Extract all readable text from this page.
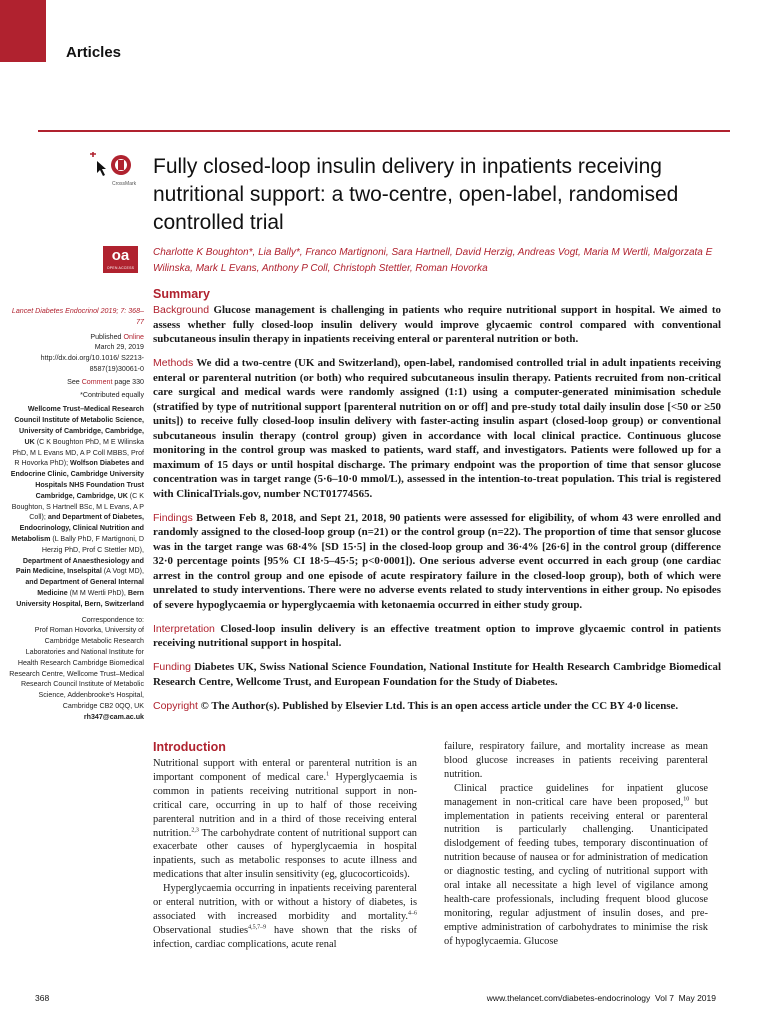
Articles
CrossMark
oa
OPEN ACCESS
Fully closed-loop insulin delivery in inpatients receiving nutritional support: a two-centre, open-label, randomised controlled trial
Charlotte K Boughton*, Lia Bally*, Franco Martignoni, Sara Hartnell, David Herzig, Andreas Vogt, Maria M Wertli, Malgorzata E Wilinska, Mark L Evans, Anthony P Coll, Christoph Stettler, Roman Hovorka

Lancet Diabetes Endocrinol 2019; 7: 368–77

Published Online
March 29, 2019
http://dx.doi.org/10.1016/ S2213-8587(19)30061-0

See Comment page 330

*Contributed equally

Wellcome Trust–Medical Research Council Institute of Metabolic Science, University of Cambridge, Cambridge, UK (C K Boughton PhD, M E Wilinska PhD, M L Evans MD, A P Coll MBBS, Prof R Hovorka PhD); Wolfson Diabetes and Endocrine Clinic, Cambridge University Hospitals NHS Foundation Trust Cambridge, Cambridge, UK (C K Boughton, S Hartnell BSc, M L Evans, A P Coll); and Department of Diabetes, Endocrinology, Clinical Nutrition and Metabolism (L Bally PhD, F Martignoni, D Herzig PhD, Prof C Stettler MD), Department of Anaesthesiology and Pain Medicine, Inselspital (A Vogt MD), and Department of General Internal Medicine (M M Wertli PhD), Bern University Hospital, Bern, Switzerland

Correspondence to:
Prof Roman Hovorka, University of Cambridge Metabolic Research Laboratories and National Institute for Health Research Cambridge Biomedical Research Centre, Wellcome Trust–Medical Research Council Institute of Metabolic Science, Addenbrooke's Hospital, Cambridge CB2 0QQ, UK
rh347@cam.ac.uk

Summary

Background Glucose management is challenging in patients who require nutritional support in hospital. We aimed to assess whether fully closed-loop insulin delivery would improve glycaemic control compared with conventional subcutaneous insulin therapy in inpatients receiving enteral or parenteral nutrition or both.

Methods We did a two-centre (UK and Switzerland), open-label, randomised controlled trial in adult inpatients receiving enteral or parenteral nutrition (or both) who required subcutaneous insulin therapy. Patients recruited from non-critical care surgical and medical wards were randomly assigned (1:1) using a computer-generated minimisation schedule (stratified by type of nutritional support [parenteral nutrition on or off] and pre-study total daily insulin dose [<50 or ≥50 units]) to receive fully closed-loop insulin delivery with faster-acting insulin aspart (closed-loop group) or conventional subcutaneous insulin therapy (control group) given in accordance with local clinical practice. Continuous glucose monitoring in the control group was masked to patients, ward staff, and investigators. Patients were followed up for a maximum of 15 days or until hospital discharge. The primary endpoint was the proportion of time that sensor glucose concentration was in target range (5·6–10·0 mmol/L), assessed in the intention-to-treat population. This trial is registered with ClinicalTrials.gov, number NCT01774565.

Findings Between Feb 8, 2018, and Sept 21, 2018, 90 patients were assessed for eligibility, of whom 43 were enrolled and randomly assigned to the closed-loop group (n=21) or the control group (n=22). The proportion of time that sensor glucose was in the target range was 68·4% [SD 15·5] in the closed-loop group and 36·4% [26·6] in the control group (difference 32·0 percentage points [95% CI 18·5–45·5; p<0·0001]). One serious adverse event occurred in each group (one cardiac arrest in the control group and one episode of acute respiratory failure in the closed-loop group), both of which were unrelated to study interventions. There were no adverse events related to study interventions in either group. No episodes of severe hypoglycaemia or hyperglycaemia with ketonaemia occurred in either study group.

Interpretation Closed-loop insulin delivery is an effective treatment option to improve glycaemic control in patients receiving nutritional support in hospital.

Funding Diabetes UK, Swiss National Science Foundation, National Institute for Health Research Cambridge Biomedical Research Centre, Wellcome Trust, and European Foundation for the Study of Diabetes.

Copyright © The Author(s). Published by Elsevier Ltd. This is an open access article under the CC BY 4·0 license.

Introduction

Nutritional support with enteral or parenteral nutrition is an important component of medical care.$^1$ Hyperglycaemia is common in patients receiving nutritional support in non-critical care, occurring in up to half of those receiving parenteral nutrition and in a third of those receiving enteral nutrition.$^{2,3}$ The carbohydrate content of nutritional support can exacerbate other causes of hyperglycaemia in hospital inpatients, such as metabolic responses to acute illness and medications that alter insulin sensitivity (eg, glucocorticoids).

Hyperglycaemia occurring in inpatients receiving parenteral or enteral nutrition, with or without a history of diabetes, is associated with increased morbidity and mortality.$^{4-6}$ Observational studies$^{4,5,7-9}$ have shown that the risks of infection, cardiac complications, acute renal

failure, respiratory failure, and mortality increase as mean blood glucose increases in patients receiving parenteral nutrition.

Clinical practice guidelines for inpatient glucose management in non-critical care have been proposed,$^{10}$ but implementation in patients receiving enteral or parenteral nutrition is particularly challenging. Unanticipated dislodgement of feeding tubes, temporary discontinuation of nutrition because of nausea or for administration of medication or diagnostic testing, and cycling of nutritional support with oral intake all necessitate a high level of vigilance among health-care professionals, including frequent blood glucose monitoring, regular adjustment of insulin doses, and pre-emptive administration of carbohydrates to minimise the risk of hypoglycaemia. Glucose

368	www.thelancet.com/diabetes-endocrinology Vol 7 May 2019
